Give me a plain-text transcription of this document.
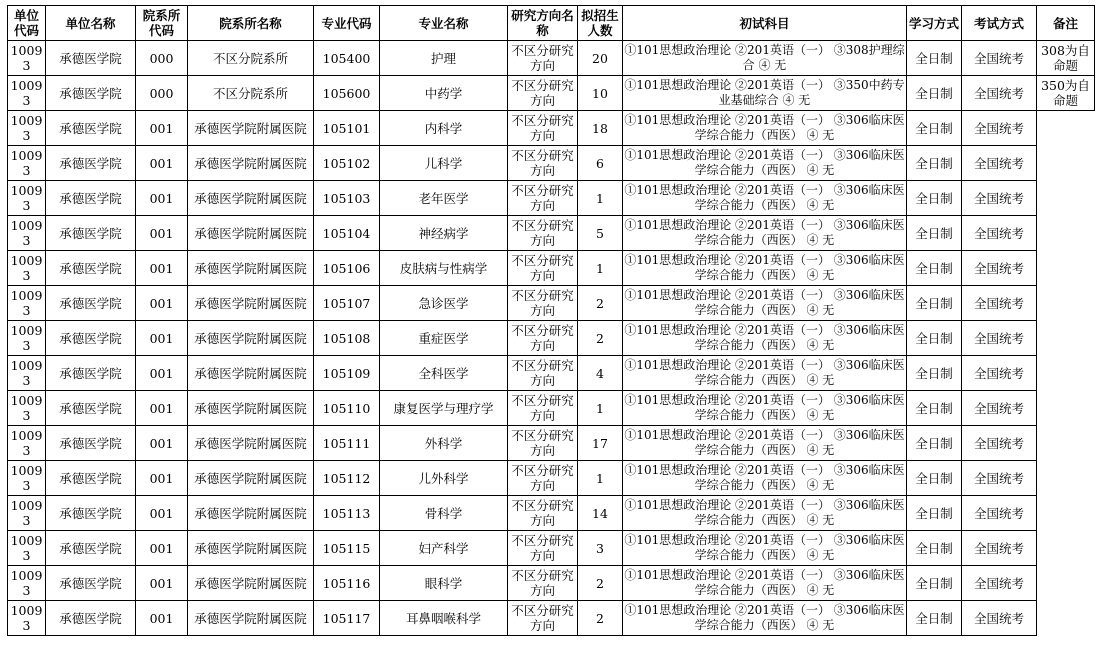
单位代码	单位名称	院系所代码	院系所名称	专业代码	专业名称	研究方向名称	拟招生人数	初试科目	学习方式	考试方式	备注
10093	承德医学院	000	不区分院系所	105400	护理	不区分研究方向	20	①101思想政治理论 ②201英语（一） ③308护理综合 ④ 无	全日制	全国统考	308为自命题
10093	承德医学院	000	不区分院系所	105600	中药学	不区分研究方向	10	①101思想政治理论 ②201英语（一） ③350中药专业基础综合 ④ 无	全日制	全国统考	350为自命题
10093	承德医学院	001	承德医学院附属医院	105101	内科学	不区分研究方向	18	①101思想政治理论 ②201英语（一） ③306临床医学综合能力（西医） ④ 无	全日制	全国统考	
10093	承德医学院	001	承德医学院附属医院	105102	儿科学	不区分研究方向	6	①101思想政治理论 ②201英语（一） ③306临床医学综合能力（西医） ④ 无	全日制	全国统考	
10093	承德医学院	001	承德医学院附属医院	105103	老年医学	不区分研究方向	1	①101思想政治理论 ②201英语（一） ③306临床医学综合能力（西医） ④ 无	全日制	全国统考	
10093	承德医学院	001	承德医学院附属医院	105104	神经病学	不区分研究方向	5	①101思想政治理论 ②201英语（一） ③306临床医学综合能力（西医） ④ 无	全日制	全国统考	
10093	承德医学院	001	承德医学院附属医院	105106	皮肤病与性病学	不区分研究方向	1	①101思想政治理论 ②201英语（一） ③306临床医学综合能力（西医） ④ 无	全日制	全国统考	
10093	承德医学院	001	承德医学院附属医院	105107	急诊医学	不区分研究方向	2	①101思想政治理论 ②201英语（一） ③306临床医学综合能力（西医） ④ 无	全日制	全国统考	
10093	承德医学院	001	承德医学院附属医院	105108	重症医学	不区分研究方向	2	①101思想政治理论 ②201英语（一） ③306临床医学综合能力（西医） ④ 无	全日制	全国统考	
10093	承德医学院	001	承德医学院附属医院	105109	全科医学	不区分研究方向	4	①101思想政治理论 ②201英语（一） ③306临床医学综合能力（西医） ④ 无	全日制	全国统考	
10093	承德医学院	001	承德医学院附属医院	105110	康复医学与理疗学	不区分研究方向	1	①101思想政治理论 ②201英语（一） ③306临床医学综合能力（西医） ④ 无	全日制	全国统考	
10093	承德医学院	001	承德医学院附属医院	105111	外科学	不区分研究方向	17	①101思想政治理论 ②201英语（一） ③306临床医学综合能力（西医） ④ 无	全日制	全国统考	
10093	承德医学院	001	承德医学院附属医院	105112	儿外科学	不区分研究方向	1	①101思想政治理论 ②201英语（一） ③306临床医学综合能力（西医） ④ 无	全日制	全国统考	
10093	承德医学院	001	承德医学院附属医院	105113	骨科学	不区分研究方向	14	①101思想政治理论 ②201英语（一） ③306临床医学综合能力（西医） ④ 无	全日制	全国统考	
10093	承德医学院	001	承德医学院附属医院	105115	妇产科学	不区分研究方向	3	①101思想政治理论 ②201英语（一） ③306临床医学综合能力（西医） ④ 无	全日制	全国统考	
10093	承德医学院	001	承德医学院附属医院	105116	眼科学	不区分研究方向	2	①101思想政治理论 ②201英语（一） ③306临床医学综合能力（西医） ④ 无	全日制	全国统考	
10093	承德医学院	001	承德医学院附属医院	105117	耳鼻咽喉科学	不区分研究方向	2	①101思想政治理论 ②201英语（一） ③306临床医学综合能力（西医） ④ 无	全日制	全国统考	
